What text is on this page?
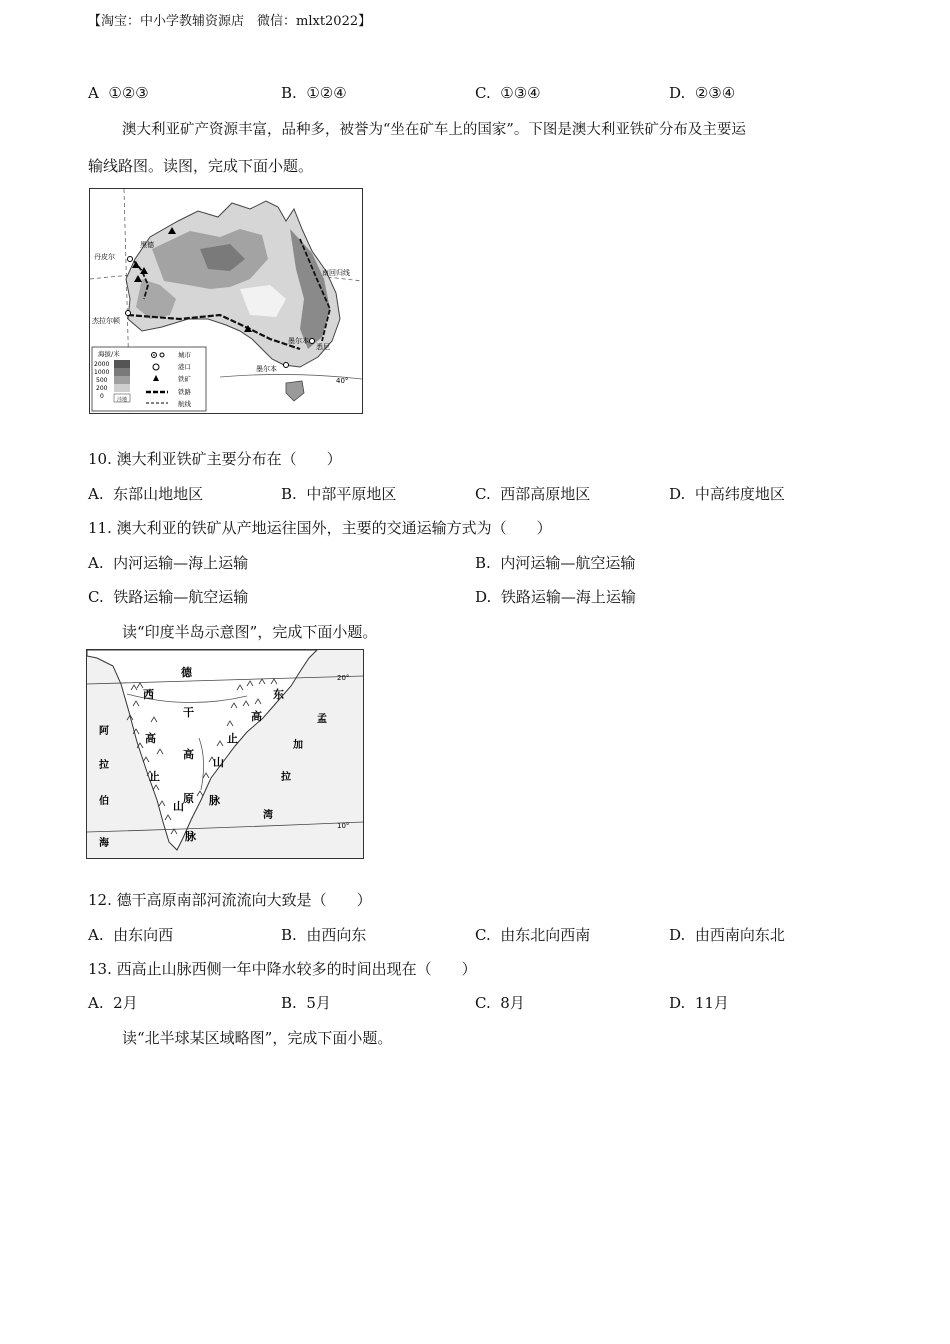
【淘宝：中小学教辅资源店　微信：mlxt2022】
A ①②③	B. ①②④	C. ①③④	D. ②③④
澳大利亚矿产资源丰富，品种多，被誉为“坐在矿车上的国家”。下图是澳大利亚铁矿分布及主要运
输线路图。读图，完成下面小题。
黑德
丹皮尔
杰拉尔顿
南回归线
墨尔本
悉尼
墨尔本
40°
海拔/米
2000
1000
500
200
0	洼地
城市
港口
铁矿
铁路
航线
10. 澳大利亚铁矿主要分布在（　　）
A. 东部山地地区	B. 中部平原地区	C. 西部高原地区	D. 中高纬度地区
11. 澳大利亚的铁矿从产地运往国外，主要的交通运输方式为（　　）
A. 内河运输—海上运输	B. 内河运输—航空运输
C. 铁路运输—航空运输	D. 铁路运输—海上运输
读“印度半岛示意图”，完成下面小题。
德
西
干
高
高
原
止
山
脉
东
高
止
山
脉
阿
拉
伯
海
孟
加
拉
湾
20°
10°
12. 德干高原南部河流流向大致是（　　）
A. 由东向西	B. 由西向东	C. 由东北向西南	D. 由西南向东北
13. 西高止山脉西侧一年中降水较多的时间出现在（　　）
A. 2月	B. 5月	C. 8月	D. 11月
读“北半球某区域略图”，完成下面小题。
